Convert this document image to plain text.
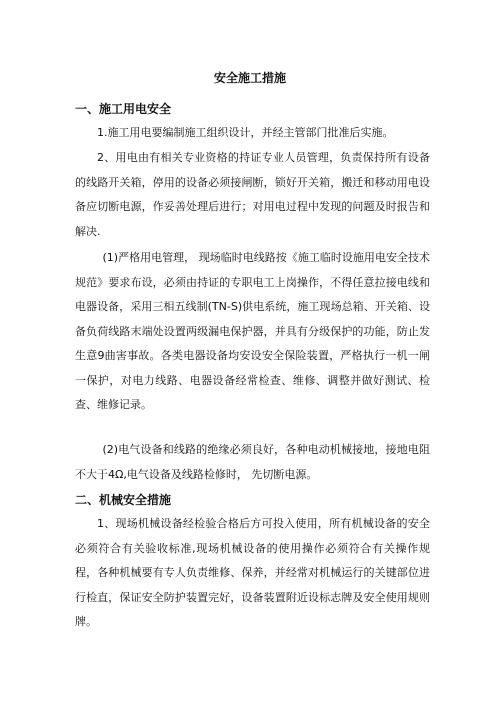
安全施工措施
一、施工用电安全
1.施工用电要编制施工组织设计，并经主管部门批准后实施。
2、用电由有相关专业资格的持证专业人员管理，负责保持所有设备的线路开关箱，停用的设备必须接闸断，锁好开关箱，搬迁和移动用电设备应切断电源，作妥善处理后进行；对用电过程中发现的问题及时报告和解决.
(1)严格用电管理， 现场临时电线路按《施工临时设施用电安全技术规范》要求布设，必须由持证的专职电工上岗操作，不得任意拉接电线和电器设备，采用三相五线制(TN-S)供电系统，施工现场总箱、开关箱、设备负荷线路末端处设置两级漏电保护器，并具有分级保护的功能，防止发生意9曲害事故。各类电器设备均安设安全保险装置，严格执行一机一闸一保护，对电力线路、电器设备经常检查、维修、调整并做好测试、检查、维修记录。
(2)电气设备和线路的绝缘必须良好，各种电动机械接地，接地电阻不大于4Ω,电气设备及线路检修时， 先切断电源。
二、机械安全措施
1、现场机械设备经检验合格后方可投入使用，所有机械设备的安全必须符合有关验收标准,现场机械设备的使用操作必须符合有关操作规程，各种机械要有专人负责维修、保养，并经常对机械运行的关键部位进行检直，保证安全防护装置完好，设备装置附近设标志牌及安全使用规则牌。
